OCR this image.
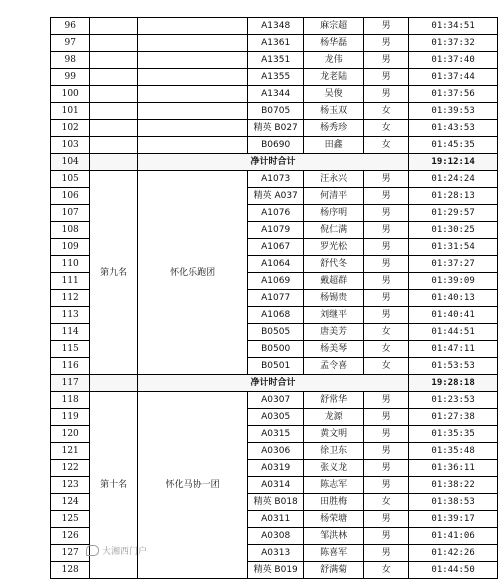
96			A1348	麻宗超	男	01:34:51
97			A1361	杨华磊	男	01:37:32
98			A1351	龙伟	男	01:37:40
99			A1355	龙老陆	男	01:37:44
100			A1344	吴俊	男	01:37:56
101			B0705	杨玉双	女	01:39:53
102			精英 B027	杨秀珍	女	01:43:53
103			B0690	田鑫	女	01:45:35
104		净计时合计				19:12:14
105	第九名	怀化乐跑团	A1073	汪永兴	男	01:24:24
106			精英 A037	何清平	男	01:28:13
107			A1076	杨序明	男	01:29:57
108			A1079	倪仁满	男	01:30:25
109			A1067	罗光松	男	01:31:54
110			A1064	舒代冬	男	01:37:27
111			A1069	戴超群	男	01:39:09
112			A1077	杨锡贵	男	01:40:13
113			A1068	刘继平	男	01:40:41
114			B0505	唐美芳	女	01:44:51
115			B0500	杨美琴	女	01:47:11
116			B0501	孟令喜	女	01:53:53
117		净计时合计				19:28:18
118	第十名	怀化马协一团	A0307	舒常华	男	01:23:53
119			A0305	龙源	男	01:27:38
120			A0315	黄文明	男	01:35:35
121			A0306	徐卫东	男	01:35:48
122			A0319	张义龙	男	01:36:11
123			A0314	陈志军	男	01:38:22
124			精英 B018	田胜梅	女	01:38:53
125			A0311	杨荣塘	男	01:39:17
126			A0308	邹洪林	男	01:41:06
127			A0313	陈喜军	男	01:42:26
128			精英 B019	舒满菊	女	01:44:50
大湘西门户
